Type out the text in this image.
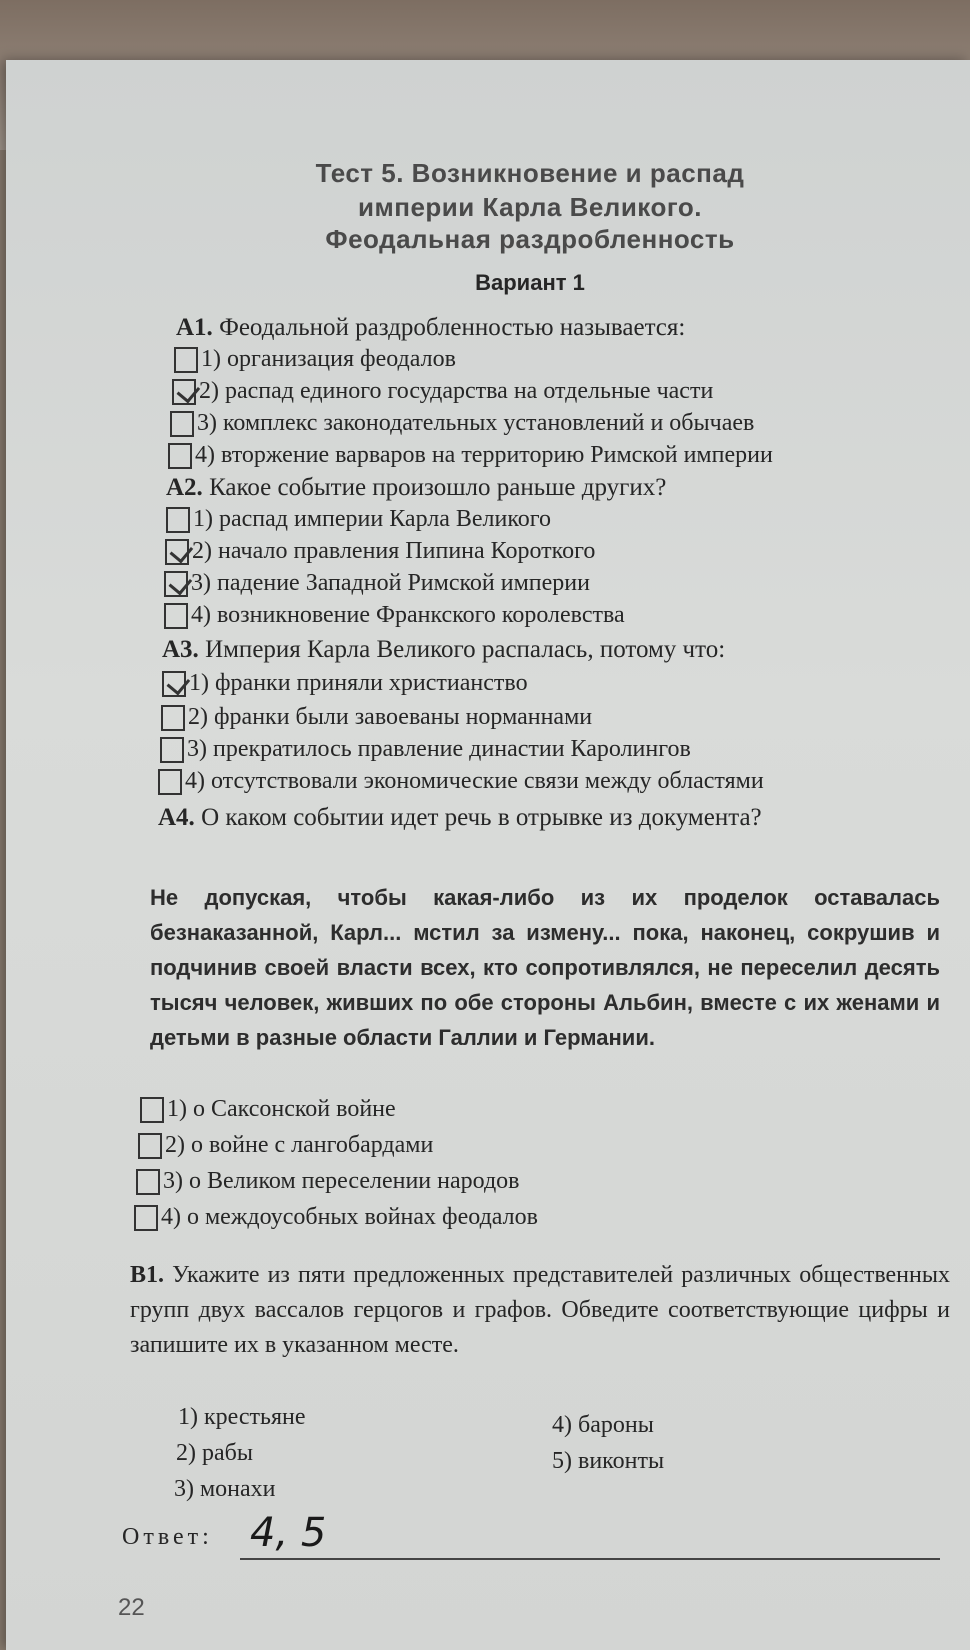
Тест 5. Возникновение и распад
империи Карла Великого.
Феодальная раздробленность
Вариант 1
А1. Феодальной раздробленностью называется:
1) организация феодалов
2) распад единого государства на отдельные части
3) комплекс законодательных установлений и обычаев
4) вторжение варваров на территорию Римской империи
А2. Какое событие произошло раньше других?
1) распад империи Карла Великого
2) начало правления Пипина Короткого
3) падение Западной Римской империи
4) возникновение Франкского королевства
А3. Империя Карла Великого распалась, потому что:
1) франки приняли христианство
2) франки были завоеваны норманнами
3) прекратилось правление династии Каролингов
4) отсутствовали экономические связи между областями
А4. О каком событии идет речь в отрывке из документа?
Не допуская, чтобы какая-либо из их проделок оставалась безнаказанной, Карл... мстил за измену... пока, наконец, сокрушив и подчинив своей власти всех, кто сопротивлялся, не переселил десять тысяч человек, живших по обе стороны Альбин, вместе с их женами и детьми в разные области Галлии и Германии.
1) о Саксонской войне
2) о войне с лангобардами
3) о Великом переселении народов
4) о междоусобных войнах феодалов
В1. Укажите из пяти предложенных представителей различных общественных групп двух вассалов герцогов и графов. Обведите соответствующие цифры и запишите их в указанном месте.
1) крестьяне
2) рабы
3) монахи
4) бароны
5) виконты
Ответ: 4, 5
22
